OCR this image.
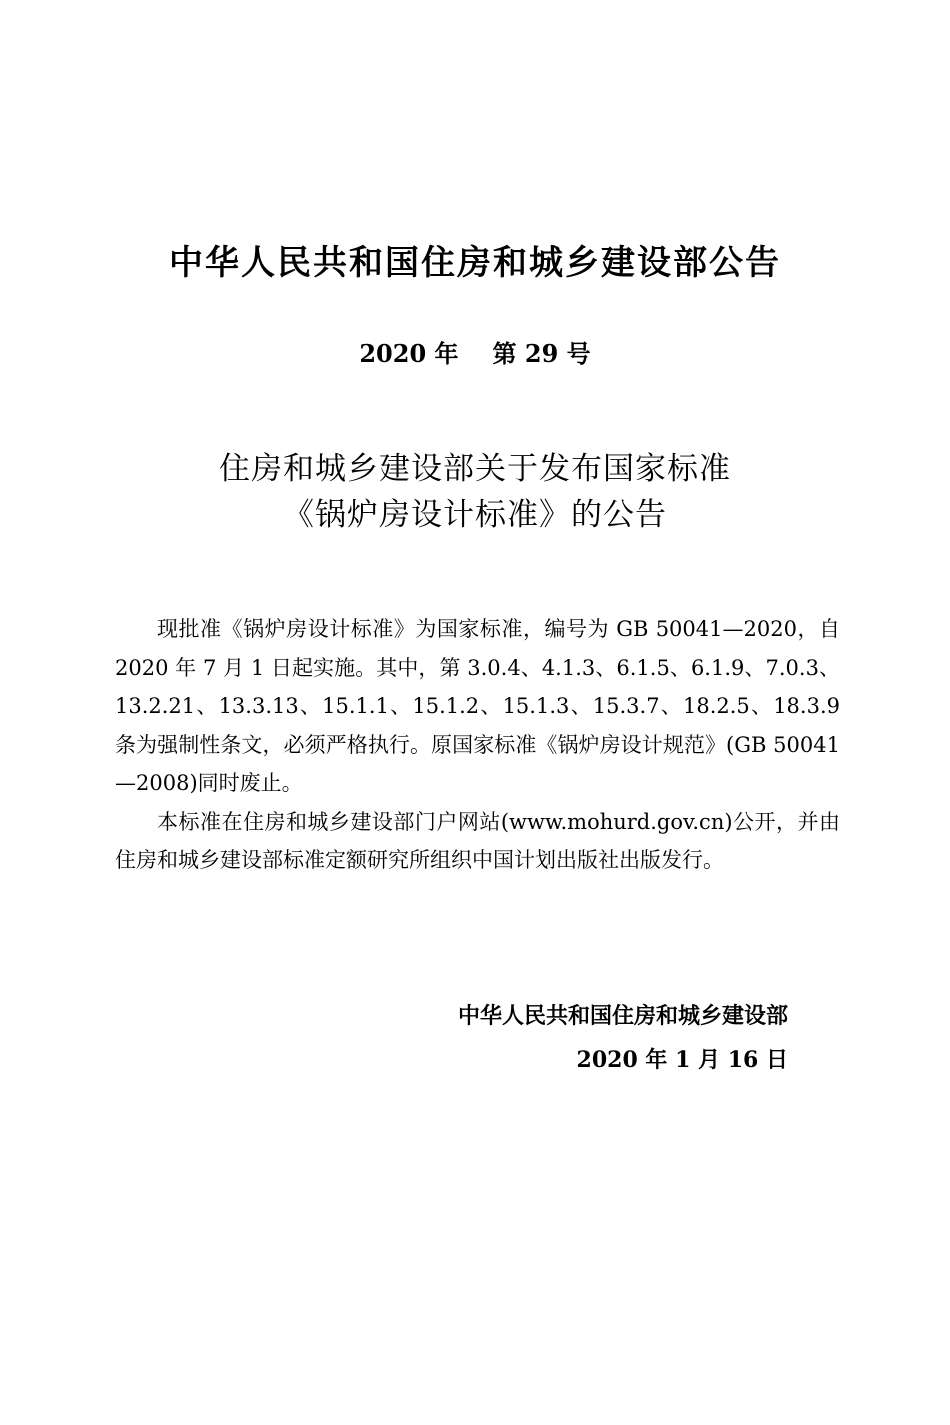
中华人民共和国住房和城乡建设部公告
2020 年 第 29 号
住房和城乡建设部关于发布国家标准
《锅炉房设计标准》的公告

现批准《锅炉房设计标准》为国家标准，编号为 GB 50041—2020，自 2020 年 7 月 1 日起实施。其中，第 3.0.4、4.1.3、6.1.5、6.1.9、7.0.3、13.2.21、13.3.13、15.1.1、15.1.2、15.1.3、15.3.7、18.2.5、18.3.9 条为强制性条文，必须严格执行。原国家标准《锅炉房设计规范》(GB 50041—2008)同时废止。

本标准在住房和城乡建设部门户网站(www.mohurd.gov.cn)公开，并由住房和城乡建设部标准定额研究所组织中国计划出版社出版发行。

中华人民共和国住房和城乡建设部
2020 年 1 月 16 日
